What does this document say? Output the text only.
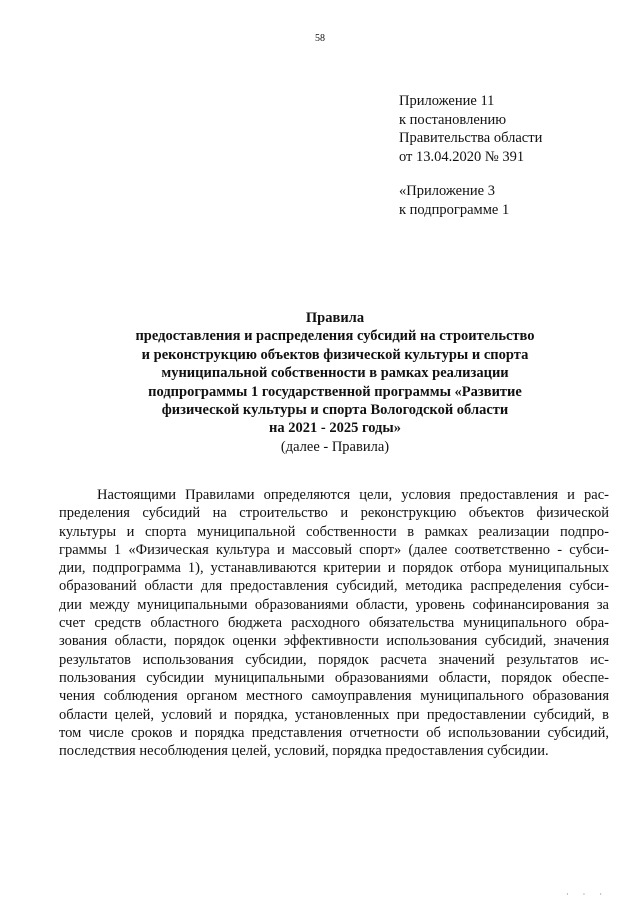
58
Приложение 11
к постановлению
Правительства области
от 13.04.2020 № 391
«Приложение 3
к подпрограмме 1
Правила
предоставления и распределения субсидий на строительство
и реконструкцию объектов физической культуры и спорта
муниципальной собственности в рамках реализации
подпрограммы 1 государственной программы «Развитие
физической культуры и спорта Вологодской области
на 2021 - 2025 годы»
(далее - Правила)
Настоящими Правилами определяются цели, условия предоставления и рас-
пределения субсидий на строительство и реконструкцию объектов физической
культуры и спорта муниципальной собственности в рамках реализации подпро-
граммы 1 «Физическая культура и массовый спорт» (далее соответственно - субси-
дии, подпрограмма 1), устанавливаются критерии и порядок отбора муниципальных
образований области для предоставления субсидий, методика распределения субси-
дии между муниципальными образованиями области, уровень софинансирования за
счет средств областного бюджета расходного обязательства муниципального обра-
зования области, порядок оценки эффективности использования субсидий, значения
результатов использования субсидии, порядок расчета значений результатов ис-
пользования субсидии муниципальными образованиями области, порядок обеспе-
чения соблюдения органом местного самоуправления муниципального образования
области целей, условий и порядка, установленных при предоставлении субсидий, в
том числе сроков и порядка представления отчетности об использовании субсидий,
последствия несоблюдения целей, условий, порядка предоставления субсидии.
· · ·
